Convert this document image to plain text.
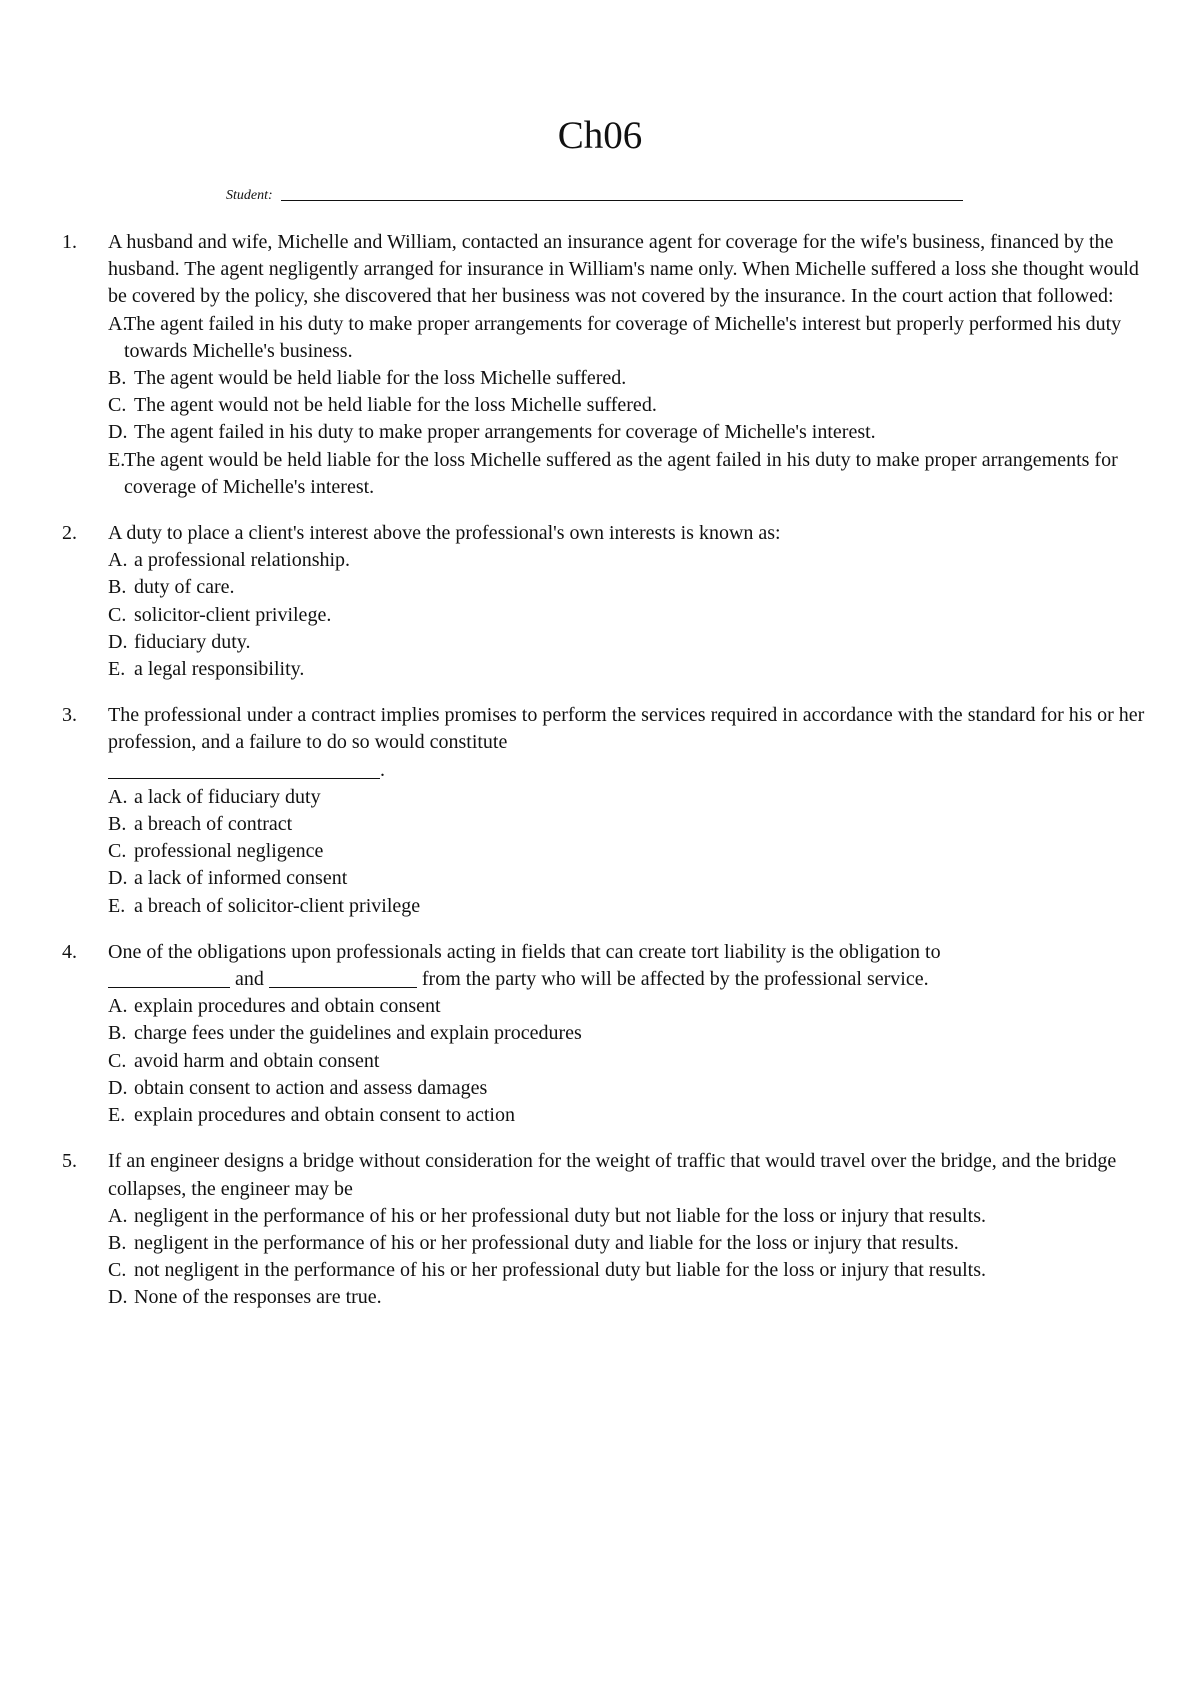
Ch06
Student:
1. A husband and wife, Michelle and William, contacted an insurance agent for coverage for the wife's business, financed by the husband. The agent negligently arranged for insurance in William's name only. When Michelle suffered a loss she thought would be covered by the policy, she discovered that her business was not covered by the insurance. In the court action that followed:
A.
The agent failed in his duty to make proper arrangements for coverage of Michelle's interest but properly performed his duty towards Michelle's business.
B. The agent would be held liable for the loss Michelle suffered.
C. The agent would not be held liable for the loss Michelle suffered.
D. The agent failed in his duty to make proper arrangements for coverage of Michelle's interest.
E.
The agent would be held liable for the loss Michelle suffered as the agent failed in his duty to make proper arrangements for coverage of Michelle's interest.
2. A duty to place a client's interest above the professional's own interests is known as:
A. a professional relationship.
B. duty of care.
C. solicitor-client privilege.
D. fiduciary duty.
E. a legal responsibility.
3. The professional under a contract implies promises to perform the services required in accordance with the standard for his or her profession, and a failure to do so would constitute
.
A. a lack of fiduciary duty
B. a breach of contract
C. professional negligence
D. a lack of informed consent
E. a breach of solicitor-client privilege
4. One of the obligations upon professionals acting in fields that can create tort liability is the obligation to
and	from the party who will be affected by the professional service.
A. explain procedures and obtain consent
B. charge fees under the guidelines and explain procedures
C. avoid harm and obtain consent
D. obtain consent to action and assess damages
E. explain procedures and obtain consent to action
5. If an engineer designs a bridge without consideration for the weight of traffic that would travel over the bridge, and the bridge collapses, the engineer may be
A. negligent in the performance of his or her professional duty but not liable for the loss or injury that results.
B. negligent in the performance of his or her professional duty and liable for the loss or injury that results.
C. not negligent in the performance of his or her professional duty but liable for the loss or injury that results.
D. None of the responses are true.
